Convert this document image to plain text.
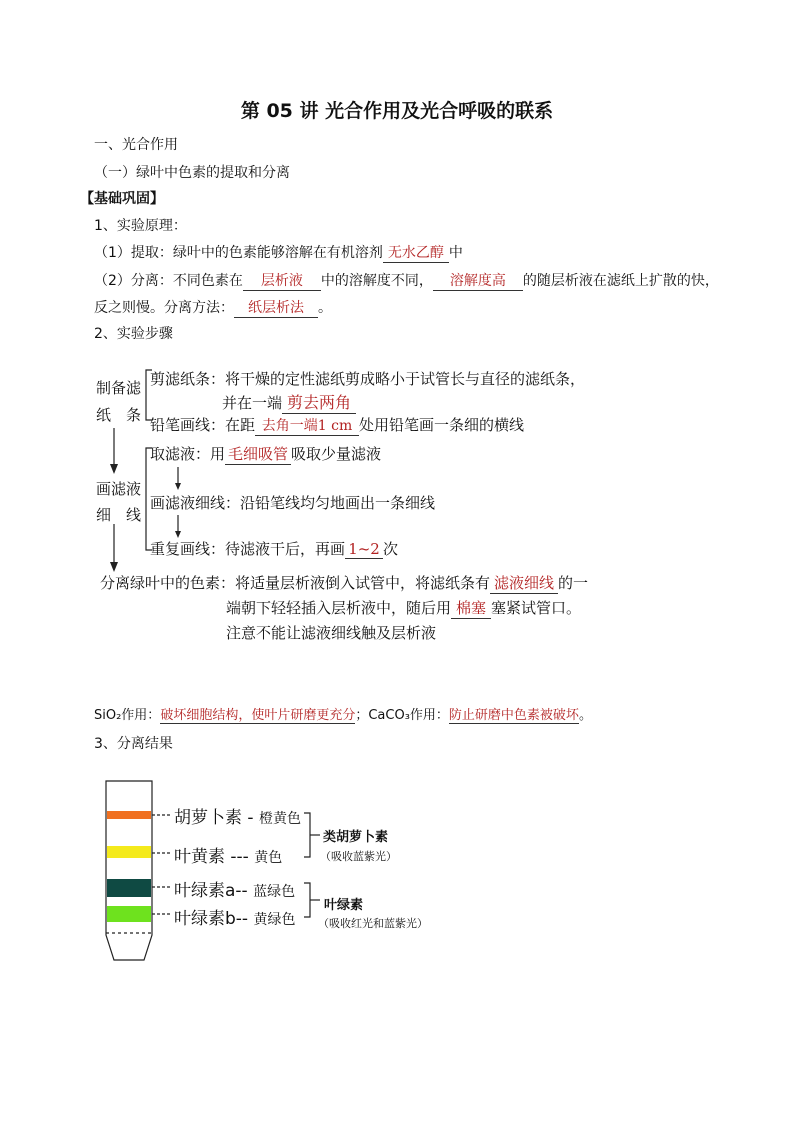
第 05 讲 光合作用及光合呼吸的联系
一、光合作用
（一）绿叶中色素的提取和分离
【基础巩固】
1、实验原理：
（1）提取：绿叶中的色素能够溶解在有机溶剂 无水乙醇 中
（2）分离：不同色素在 层析液 中的溶解度不同， 溶解度高 的随层析液在滤纸上扩散的快，
反之则慢。分离方法： 纸层析法 。
2、实验步骤
制备滤
纸　条
剪滤纸条：将干燥的定性滤纸剪成略小于试管长与直径的滤纸条，
并在一端 剪去两角
铅笔画线：在距 去角一端1 cm 处用铅笔画一条细的横线
画滤液
细　线
取滤液：用 毛细吸管 吸取少量滤液
画滤液细线：沿铅笔线均匀地画出一条细线
重复画线：待滤液干后，再画 1~2 次
分离绿叶中的色素：将适量层析液倒入试管中，将滤纸条有 滤液细线 的一
端朝下轻轻插入层析液中，随后用 棉塞 塞紧试管口。
注意不能让滤液细线触及层析液
SiO₂作用：破坏细胞结构，使叶片研磨更充分；CaCO₃作用：防止研磨中色素被破坏。
3、分离结果
胡萝卜素 - 橙黄色
叶黄素 --- 黄色
叶绿素a-- 蓝绿色
叶绿素b-- 黄绿色
类胡萝卜素
（吸收蓝紫光）
叶绿素
（吸收红光和蓝紫光）
